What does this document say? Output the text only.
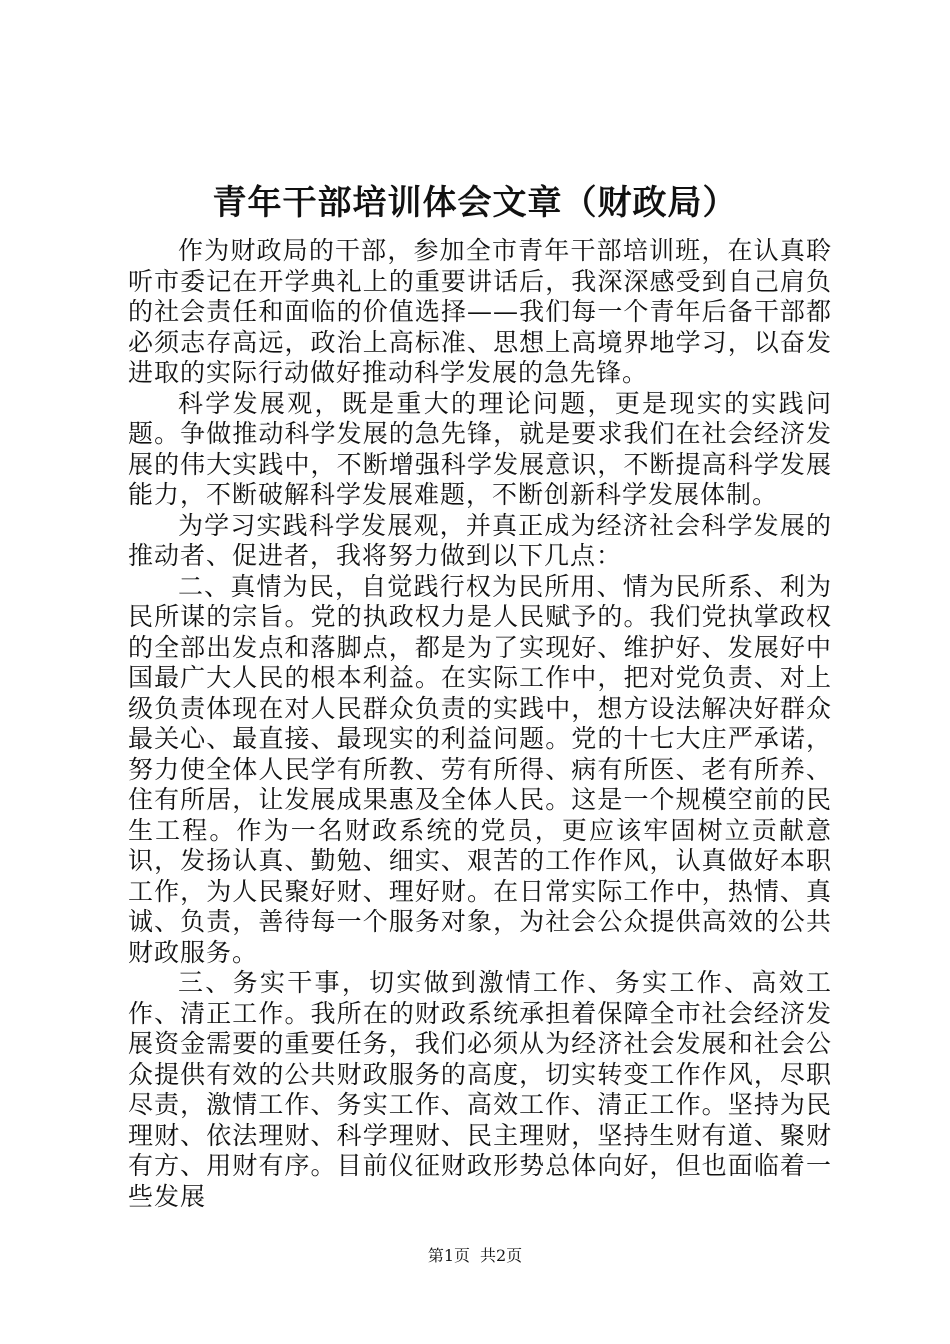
青年干部培训体会文章（财政局）

作为财政局的干部，参加全市青年干部培训班，在认真聆听市委记在开学典礼上的重要讲话后，我深深感受到自己肩负的社会责任和面临的价值选择——我们每一个青年后备干部都必须志存高远，政治上高标准、思想上高境界地学习，以奋发进取的实际行动做好推动科学发展的急先锋。

科学发展观，既是重大的理论问题，更是现实的实践问题。争做推动科学发展的急先锋，就是要求我们在社会经济发展的伟大实践中，不断增强科学发展意识，不断提高科学发展能力，不断破解科学发展难题，不断创新科学发展体制。

为学习实践科学发展观，并真正成为经济社会科学发展的推动者、促进者，我将努力做到以下几点：

二、真情为民，自觉践行权为民所用、情为民所系、利为民所谋的宗旨。党的执政权力是人民赋予的。我们党执掌政权的全部出发点和落脚点，都是为了实现好、维护好、发展好中国最广大人民的根本利益。在实际工作中，把对党负责、对上级负责体现在对人民群众负责的实践中，想方设法解决好群众最关心、最直接、最现实的利益问题。党的十七大庄严承诺，努力使全体人民学有所教、劳有所得、病有所医、老有所养、住有所居，让发展成果惠及全体人民。这是一个规模空前的民生工程。作为一名财政系统的党员，更应该牢固树立贡献意识，发扬认真、勤勉、细实、艰苦的工作作风，认真做好本职工作，为人民聚好财、理好财。在日常实际工作中，热情、真诚、负责，善待每一个服务对象，为社会公众提供高效的公共财政服务。

三、务实干事，切实做到激情工作、务实工作、高效工作、清正工作。我所在的财政系统承担着保障全市社会经济发展资金需要的重要任务，我们必须从为经济社会发展和社会公众提供有效的公共财政服务的高度，切实转变工作作风，尽职尽责，激情工作、务实工作、高效工作、清正工作。坚持为民理财、依法理财、科学理财、民主理财，坚持生财有道、聚财有方、用财有序。目前仪征财政形势总体向好，但也面临着一些发展

第1页 共2页
